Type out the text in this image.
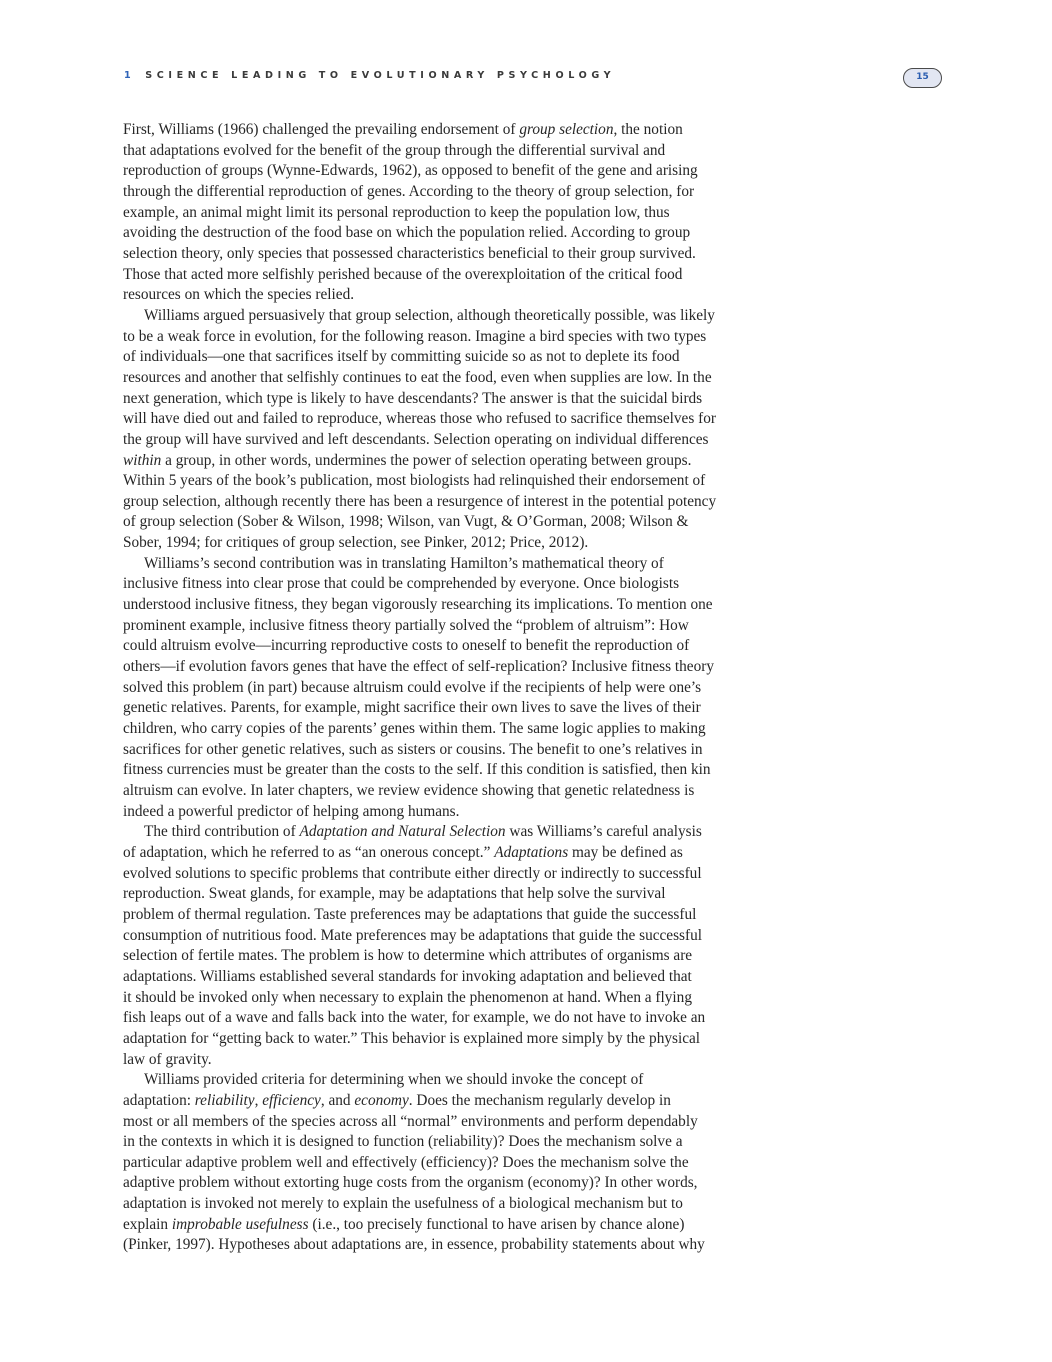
1 SCIENCE LEADING TO EVOLUTIONARY PSYCHOLOGY	15
First, Williams (1966) challenged the prevailing endorsement of group selection, the notion
that adaptations evolved for the benefit of the group through the differential survival and
reproduction of groups (Wynne-Edwards, 1962), as opposed to benefit of the gene and arising
through the differential reproduction of genes. According to the theory of group selection, for
example, an animal might limit its personal reproduction to keep the population low, thus
avoiding the destruction of the food base on which the population relied. According to group
selection theory, only species that possessed characteristics beneficial to their group survived.
Those that acted more selfishly perished because of the overexploitation of the critical food
resources on which the species relied.
Williams argued persuasively that group selection, although theoretically possible, was likely
to be a weak force in evolution, for the following reason. Imagine a bird species with two types
of individuals—one that sacrifices itself by committing suicide so as not to deplete its food
resources and another that selfishly continues to eat the food, even when supplies are low. In the
next generation, which type is likely to have descendants? The answer is that the suicidal birds
will have died out and failed to reproduce, whereas those who refused to sacrifice themselves for
the group will have survived and left descendants. Selection operating on individual differences
within a group, in other words, undermines the power of selection operating between groups.
Within 5 years of the book’s publication, most biologists had relinquished their endorsement of
group selection, although recently there has been a resurgence of interest in the potential potency
of group selection (Sober & Wilson, 1998; Wilson, van Vugt, & O’Gorman, 2008; Wilson &
Sober, 1994; for critiques of group selection, see Pinker, 2012; Price, 2012).
Williams’s second contribution was in translating Hamilton’s mathematical theory of
inclusive fitness into clear prose that could be comprehended by everyone. Once biologists
understood inclusive fitness, they began vigorously researching its implications. To mention one
prominent example, inclusive fitness theory partially solved the “problem of altruism”: How
could altruism evolve—incurring reproductive costs to oneself to benefit the reproduction of
others—if evolution favors genes that have the effect of self-replication? Inclusive fitness theory
solved this problem (in part) because altruism could evolve if the recipients of help were one’s
genetic relatives. Parents, for example, might sacrifice their own lives to save the lives of their
children, who carry copies of the parents’ genes within them. The same logic applies to making
sacrifices for other genetic relatives, such as sisters or cousins. The benefit to one’s relatives in
fitness currencies must be greater than the costs to the self. If this condition is satisfied, then kin
altruism can evolve. In later chapters, we review evidence showing that genetic relatedness is
indeed a powerful predictor of helping among humans.
The third contribution of Adaptation and Natural Selection was Williams’s careful analysis
of adaptation, which he referred to as “an onerous concept.” Adaptations may be defined as
evolved solutions to specific problems that contribute either directly or indirectly to successful
reproduction. Sweat glands, for example, may be adaptations that help solve the survival
problem of thermal regulation. Taste preferences may be adaptations that guide the successful
consumption of nutritious food. Mate preferences may be adaptations that guide the successful
selection of fertile mates. The problem is how to determine which attributes of organisms are
adaptations. Williams established several standards for invoking adaptation and believed that
it should be invoked only when necessary to explain the phenomenon at hand. When a flying
fish leaps out of a wave and falls back into the water, for example, we do not have to invoke an
adaptation for “getting back to water.” This behavior is explained more simply by the physical
law of gravity.
Williams provided criteria for determining when we should invoke the concept of
adaptation: reliability, efficiency, and economy. Does the mechanism regularly develop in
most or all members of the species across all “normal” environments and perform dependably
in the contexts in which it is designed to function (reliability)? Does the mechanism solve a
particular adaptive problem well and effectively (efficiency)? Does the mechanism solve the
adaptive problem without extorting huge costs from the organism (economy)? In other words,
adaptation is invoked not merely to explain the usefulness of a biological mechanism but to
explain improbable usefulness (i.e., too precisely functional to have arisen by chance alone)
(Pinker, 1997). Hypotheses about adaptations are, in essence, probability statements about why
